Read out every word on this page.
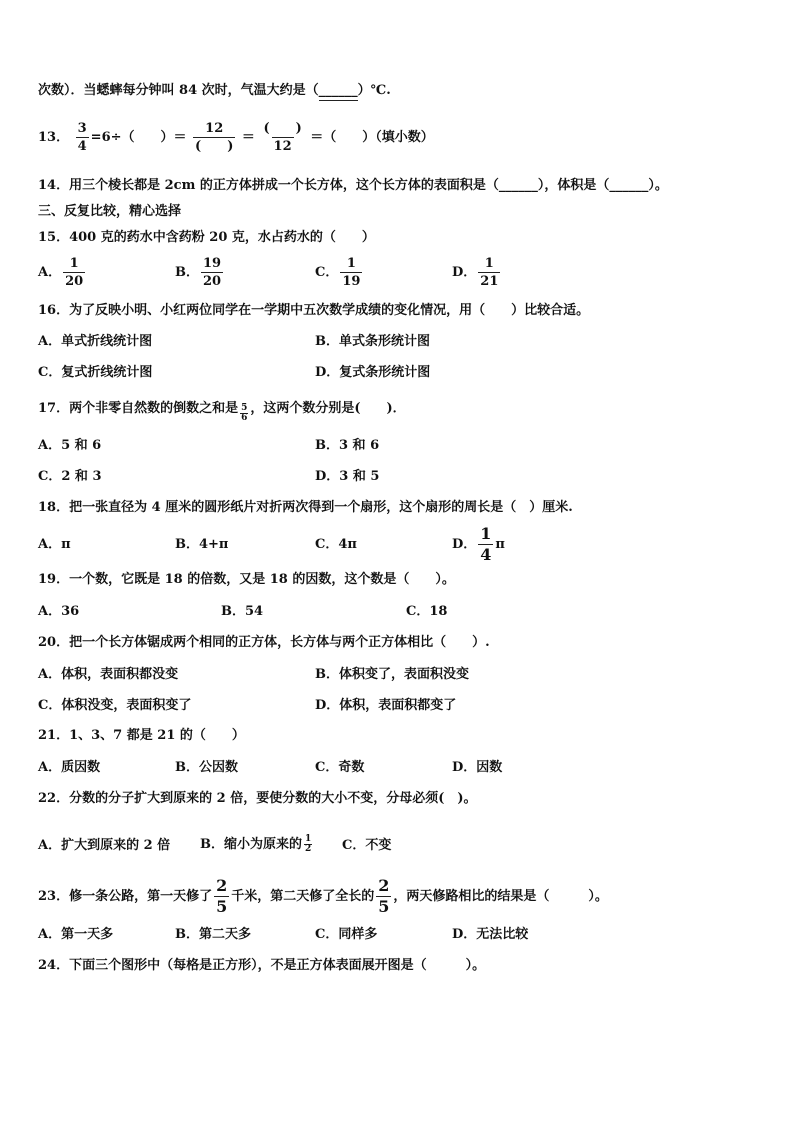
次数）．当蟋蟀每分钟叫 84 次时，气温大约是（______）℃.
13． $\frac{3}{4} =6\div$（　　）＝ $\frac{12}{( )} = \frac{( )}{12}$ ＝（　　）（填小数）
14．用三个棱长都是 2cm 的正方体拼成一个长方体，这个长方体的表面积是（______），体积是（______）。
三、反复比较，精心选择
15．400 克的药水中含药粉 20 克，水占药水的（　　）
A． $\frac{1}{20}$	B． $\frac{19}{20}$	C． $\frac{1}{19}$	D． $\frac{1}{21}$
16．为了反映小明、小红两位同学在一学期中五次数学成绩的变化情况，用（　　）比较合适。
A．单式折线统计图	B．单式条形统计图
C．复式折线统计图	D．复式条形统计图
17．两个非零自然数的倒数之和是 $\frac{5}{6}$ ，这两个数分别是(　　)．
A．5 和 6	B．3 和 6
C．2 和 3	D．3 和 5
18．把一张直径为 4 厘米的圆形纸片对折两次得到一个扇形，这个扇形的周长是（　）厘米.
A．π	B．4+π	C．4π	D． $\frac{1}{4}$ π
19．一个数，它既是 18 的倍数，又是 18 的因数，这个数是（　　）。
A．36	B．54	C．18
20．把一个长方体锯成两个相同的正方体，长方体与两个正方体相比（　　）.
A．体积，表面积都没变	B．体积变了，表面积没变
C．体积没变，表面积变了	D．体积，表面积都变了
21．1、3、7 都是 21 的（　　）
A．质因数	B．公因数	C．奇数	D．因数
22．分数的分子扩大到原来的 2 倍，要使分数的大小不变，分母必须(　)。
A．扩大到原来的 2 倍 B．缩小为原来的 $\frac{1}{2}$ C．不变
23．修一条公路，第一天修了 $\frac{2}{5}$ 千米，第二天修了全长的 $\frac{2}{5}$ ，两天修路相比的结果是（　　　）。
A．第一天多	B．第二天多	C．同样多	D．无法比较
24．下面三个图形中（每格是正方形），不是正方体表面展开图是（　　　）。
